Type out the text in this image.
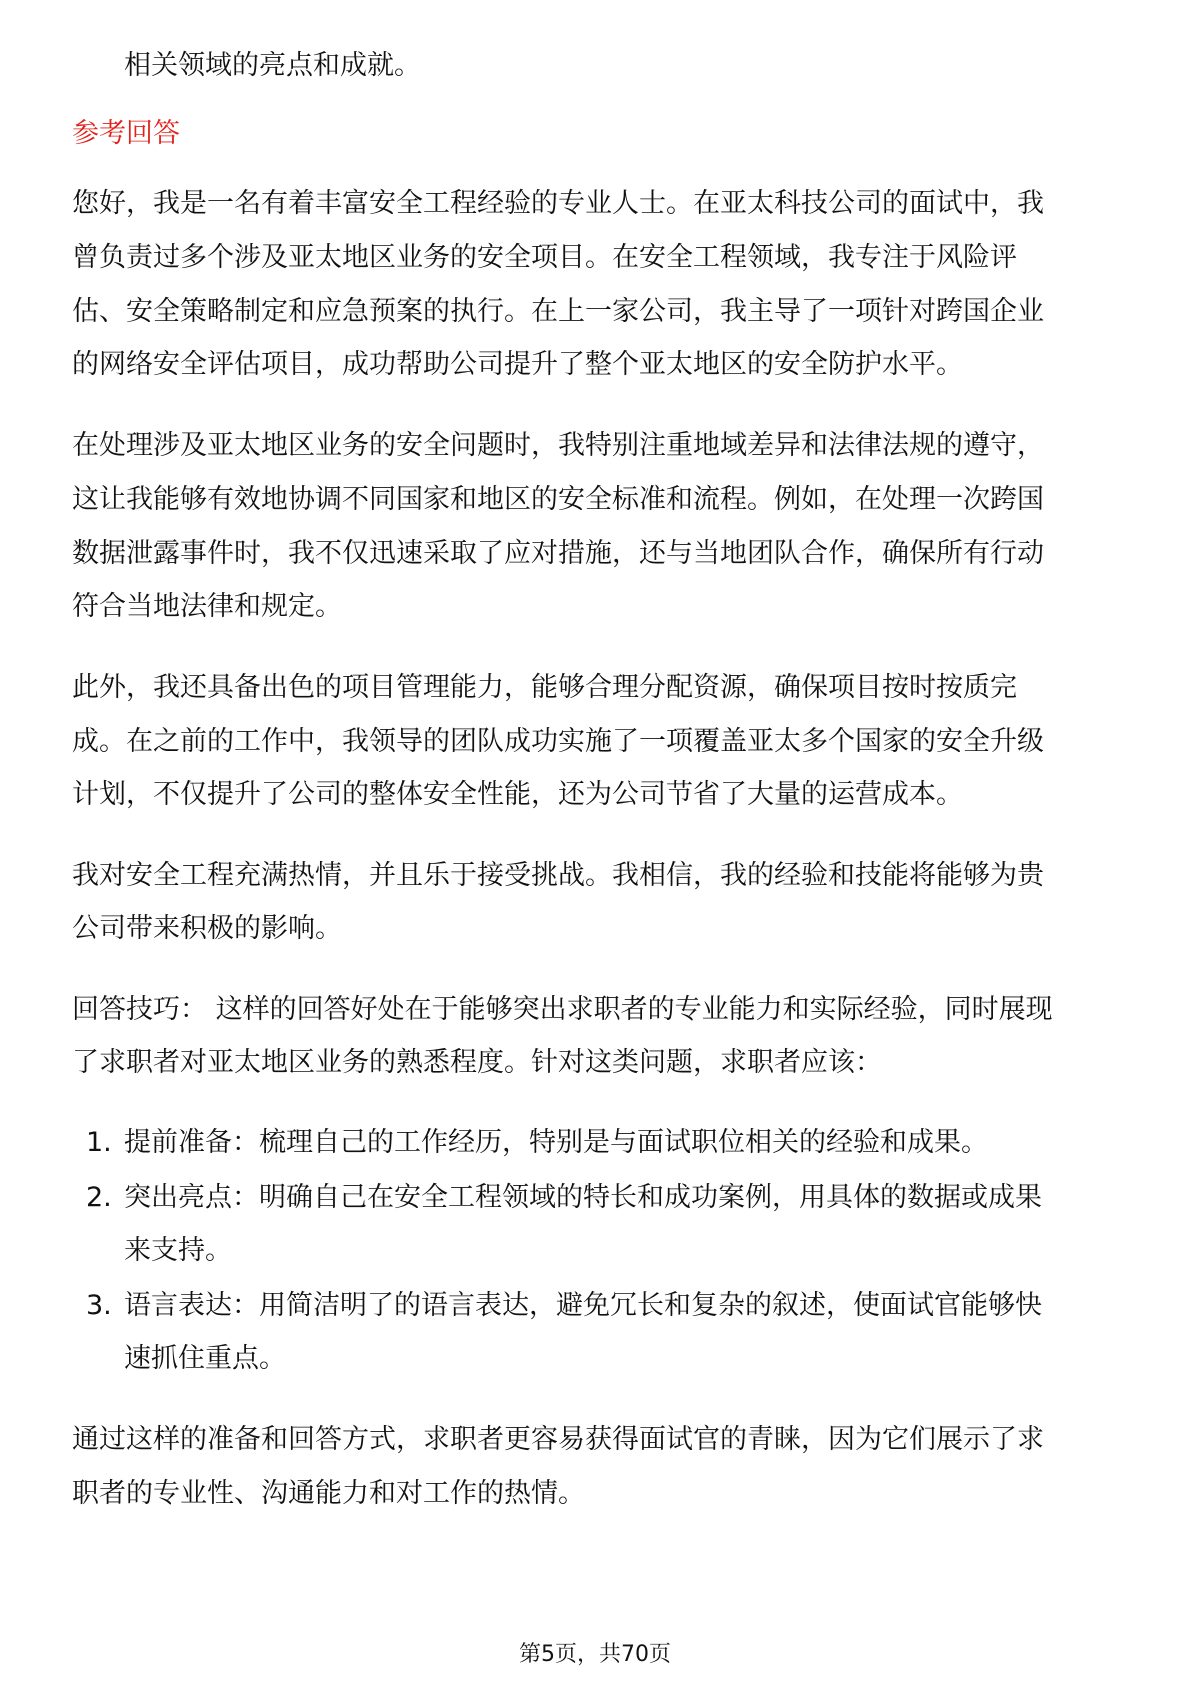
相关领域的亮点和成就。
参考回答
您好，我是一名有着丰富安全工程经验的专业人士。在亚太科技公司的面试中，我
曾负责过多个涉及亚太地区业务的安全项目。在安全工程领域，我专注于风险评
估、安全策略制定和应急预案的执行。在上一家公司，我主导了一项针对跨国企业
的网络安全评估项目，成功帮助公司提升了整个亚太地区的安全防护水平。
在处理涉及亚太地区业务的安全问题时，我特别注重地域差异和法律法规的遵守，
这让我能够有效地协调不同国家和地区的安全标准和流程。例如，在处理一次跨国
数据泄露事件时，我不仅迅速采取了应对措施，还与当地团队合作，确保所有行动
符合当地法律和规定。
此外，我还具备出色的项目管理能力，能够合理分配资源，确保项目按时按质完
成。在之前的工作中，我领导的团队成功实施了一项覆盖亚太多个国家的安全升级
计划，不仅提升了公司的整体安全性能，还为公司节省了大量的运营成本。
我对安全工程充满热情，并且乐于接受挑战。我相信，我的经验和技能将能够为贵
公司带来积极的影响。
回答技巧： 这样的回答好处在于能够突出求职者的专业能力和实际经验，同时展现
了求职者对亚太地区业务的熟悉程度。针对这类问题，求职者应该：
1. 提前准备：梳理自己的工作经历，特别是与面试职位相关的经验和成果。
2. 突出亮点：明确自己在安全工程领域的特长和成功案例，用具体的数据或成果
来支持。
3. 语言表达：用简洁明了的语言表达，避免冗长和复杂的叙述，使面试官能够快
速抓住重点。
通过这样的准备和回答方式，求职者更容易获得面试官的青睐，因为它们展示了求
职者的专业性、沟通能力和对工作的热情。
第5页，共70页
